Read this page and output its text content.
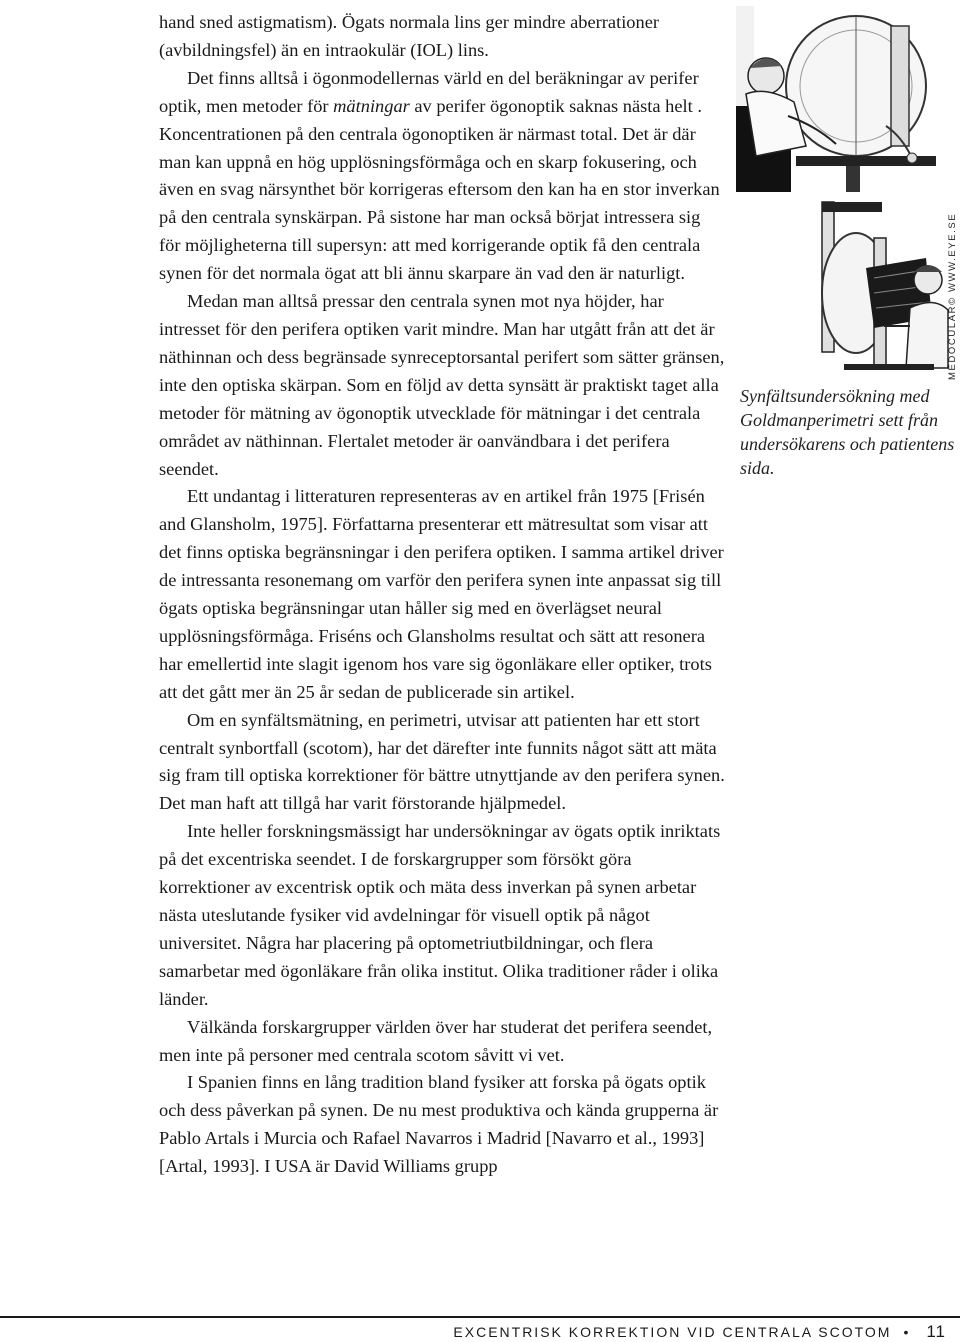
hand sned astigmatism). Ögats normala lins ger mindre aberrationer (avbildningsfel) än en intraokulär (IOL) lins.

Det finns alltså i ögonmodellernas värld en del beräkningar av perifer optik, men metoder för mätningar av perifer ögonoptik saknas nästa helt . Koncentrationen på den centrala ögonoptiken är närmast total. Det är där man kan uppnå en hög upplösningsförmåga och en skarp fokusering, och även en svag närsynthet bör korrigeras eftersom den kan ha en stor inverkan på den centrala synskärpan. På sistone har man också börjat intressera sig för möjligheterna till supersyn: att med korrigerande optik få den centrala synen för det normala ögat att bli ännu skarpare än vad den är naturligt.

Medan man alltså pressar den centrala synen mot nya höjder, har intresset för den perifera optiken varit mindre. Man har utgått från att det är näthinnan och dess begränsade synreceptorsantal perifert som sätter gränsen, inte den optiska skärpan. Som en följd av detta synsätt är praktiskt taget alla metoder för mätning av ögonoptik utvecklade för mätningar i det centrala området av näthinnan. Flertalet metoder är oanvändbara i det perifera seendet.

Ett undantag i litteraturen representeras av en artikel från 1975 [Frisén and Glansholm, 1975]. Författarna presenterar ett mätresultat som visar att det finns optiska begränsningar i den perifera optiken. I samma artikel driver de intressanta resonemang om varför den perifera synen inte anpassat sig till ögats optiska begränsningar utan håller sig med en överlägset neural upplösningsförmåga. Friséns och Glansholms resultat och sätt att resonera har emellertid inte slagit igenom hos vare sig ögonläkare eller optiker, trots att det gått mer än 25 år sedan de publicerade sin artikel.

Om en synfältsmätning, en perimetri, utvisar att patienten har ett stort centralt synbortfall (scotom), har det därefter inte funnits något sätt att mäta sig fram till optiska korrektioner för bättre utnyttjande av den perifera synen. Det man haft att tillgå har varit förstorande hjälpmedel.

Inte heller forskningsmässigt har undersökningar av ögats optik inriktats på det excentriska seendet. I de forskargrupper som försökt göra korrektioner av excentrisk optik och mäta dess inverkan på synen arbetar nästa uteslutande fysiker vid avdelningar för visuell optik på något universitet. Några har placering på optometriutbildningar, och flera samarbetar med ögonläkare från olika institut. Olika traditioner råder i olika länder.

Välkända forskargrupper världen över har studerat det perifera seendet, men inte på personer med centrala scotom såvitt vi vet.

I Spanien finns en lång tradition bland fysiker att forska på ögats optik och dess påverkan på synen. De nu mest produktiva och kända grupperna är Pablo Artals i Murcia och Rafael Navarros i Madrid [Navarro et al., 1993] [Artal, 1993]. I USA är David Williams grupp

MEDOCULAR© WWW.EYE.SE
Synfältsundersökning med Goldmanperimetri sett från undersökarens och patientens sida.
EXCENTRISK KORREKTION VID CENTRALA SCOTOM • 11
